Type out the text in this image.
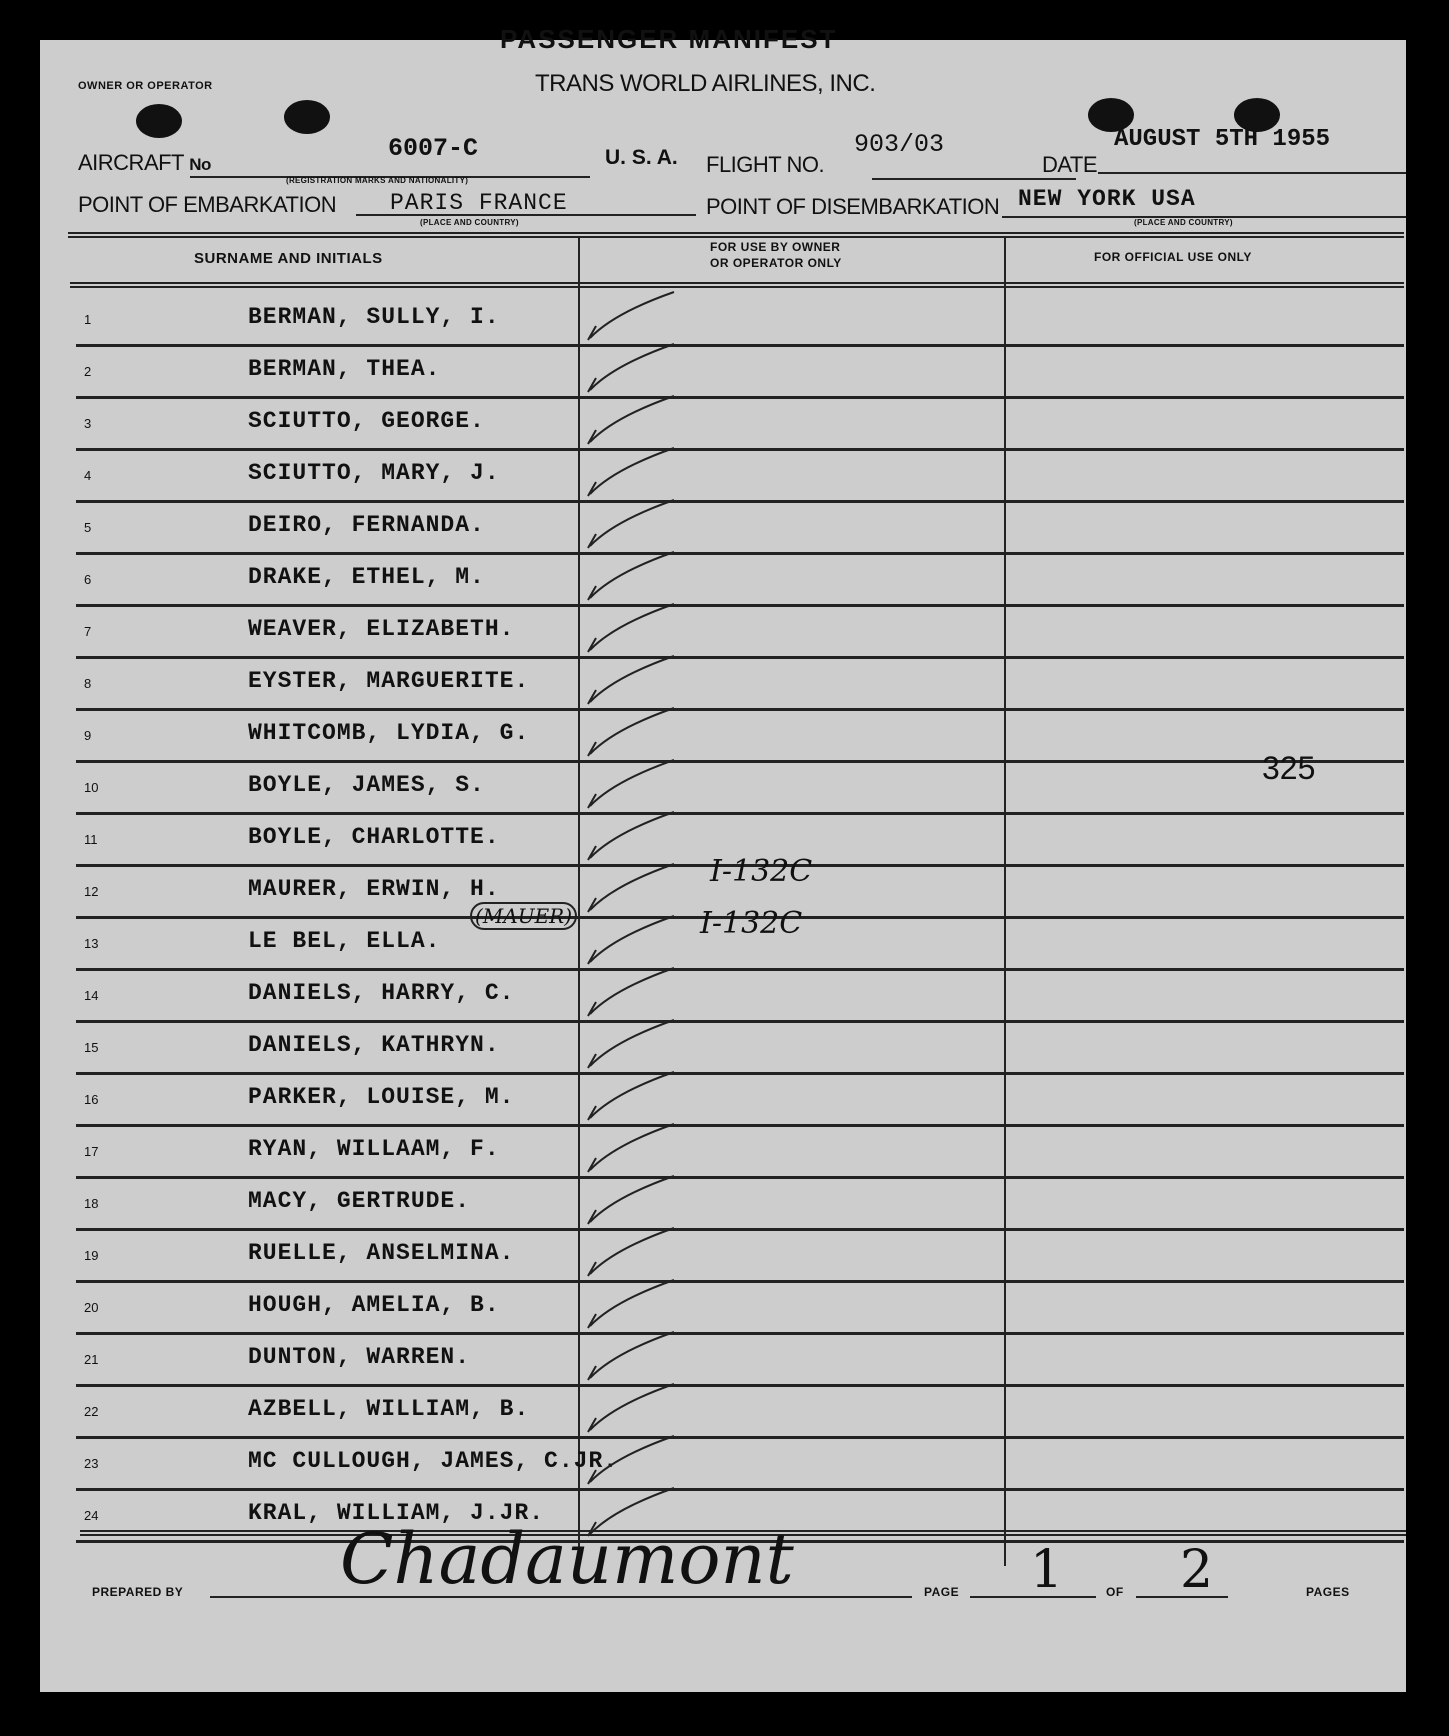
PASSENGER MANIFEST
OWNER OR OPERATOR	TRANS WORLD AIRLINES, INC.
AIRCRAFT No
6007-C
(REGISTRATION MARKS AND NATIONALITY)
U. S. A. FLIGHT NO.
903/03
DATE
AUGUST 5TH 1955
POINT OF EMBARKATION PARIS FRANCE
(PLACE AND COUNTRY)
POINT OF DISEMBARKATION NEW YORK USA
(PLACE AND COUNTRY)
SURNAME AND INITIALS
FOR USE BY OWNER
OR OPERATOR ONLY	FOR OFFICIAL USE ONLY
1	BERMAN, SULLY, I.
2	BERMAN, THEA.
3	SCIUTTO, GEORGE.
4	SCIUTTO, MARY, J.
5	DEIRO, FERNANDA.
6	DRAKE, ETHEL, M.
7	WEAVER, ELIZABETH.
8	EYSTER, MARGUERITE.
9	WHITCOMB, LYDIA, G.
10	BOYLE, JAMES, S.
11	BOYLE, CHARLOTTE.
12	MAURER, ERWIN, H.
13	LE BEL, ELLA.
14	DANIELS, HARRY, C.
15	DANIELS, KATHRYN.
16	PARKER, LOUISE, M.
17	RYAN, WILLAAM, F.
18	MACY, GERTRUDE.
19	RUELLE, ANSELMINA.
20	HOUGH, AMELIA, B.
21	DUNTON, WARREN.
22	AZBELL, WILLIAM, B.
23	MC CULLOUGH, JAMES, C.JR.
24	KRAL, WILLIAM, J.JR.
325
I-132C
I-132C
(MAUER)
PREPARED BY Chadaumont	PAGE 1	OF 2	PAGES
